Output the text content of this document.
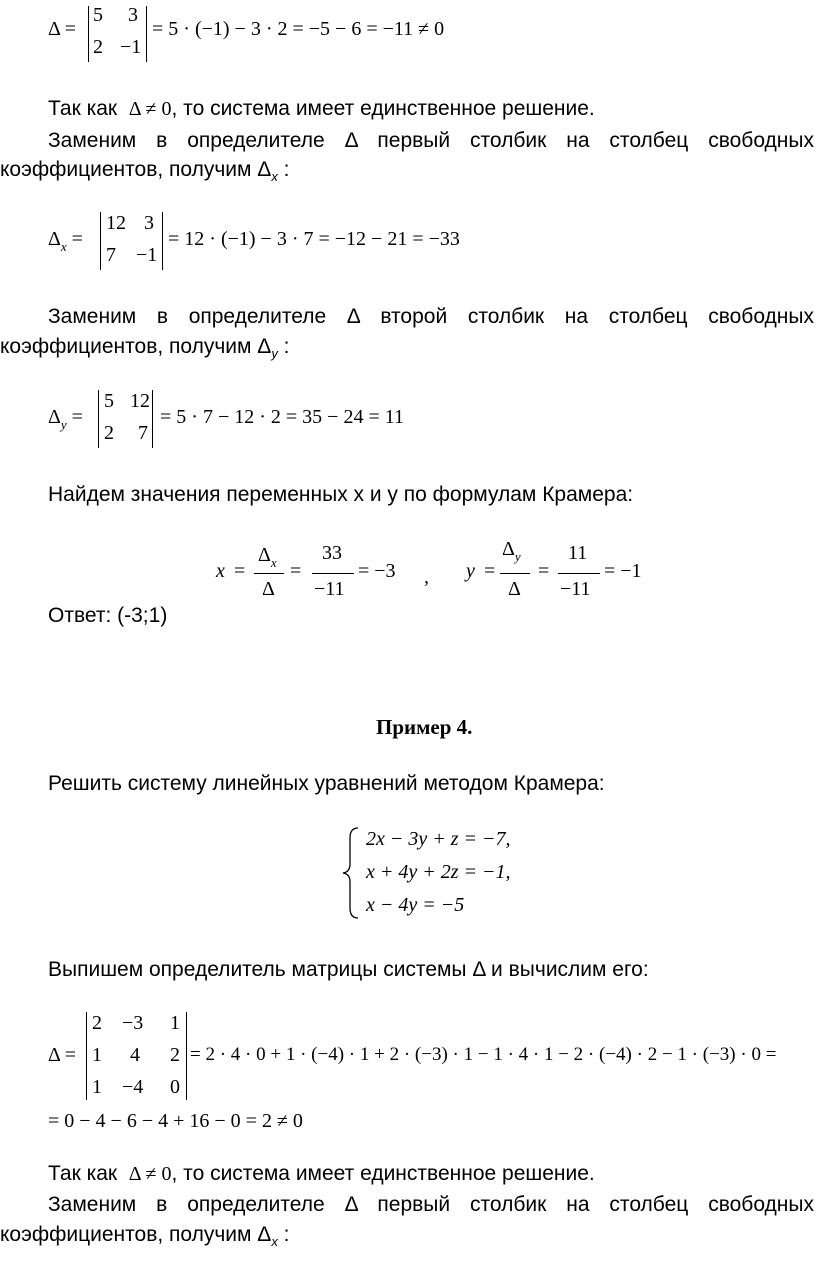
Δ =
5 3
2 −1
= 5 · (−1) − 3 · 2 = −5 − 6 = −11 ≠ 0
Так как Δ ≠ 0, то система имеет единственное решение.
Заменим в определителе Δ первый столбик на столбец свободных
коэффициентов, получим $\Delta_x$ :
$\Delta_x$ =
12 3
7 −1
= 12 · (−1) − 3 · 7 = −12 − 21 = −33
Заменим в определителе Δ второй столбик на столбец свободных
коэффициентов, получим $\Delta_y$ :
$\Delta_y$ =
5 12
2 7
= 5 · 7 − 12 · 2 = 35 − 24 = 11
Найдем значения переменных x и y по формулам Крамера:
x =
$\Delta_x$
Δ
=
33
−11
= −3 , y =
$\Delta_y$
Δ
=
11
−11
= −1
Ответ: (-3;1)
Пример 4.
Решить систему линейных уравнений методом Крамера:
2x − 3y + z = −7,
x + 4y + 2z = −1,
x − 4y = −5
Выпишем определитель матрицы системы Δ и вычислим его:
Δ =
2 −3 1
1 4 2
1 −4 0
= 2 · 4 · 0 + 1 · (−4) · 1 + 2 · (−3) · 1 − 1 · 4 · 1 − 2 · (−4) · 2 − 1 · (−3) · 0 =
= 0 − 4 − 6 − 4 + 16 − 0 = 2 ≠ 0
Так как Δ ≠ 0, то система имеет единственное решение.
Заменим в определителе Δ первый столбик на столбец свободных
коэффициентов, получим $\Delta_x$ :
